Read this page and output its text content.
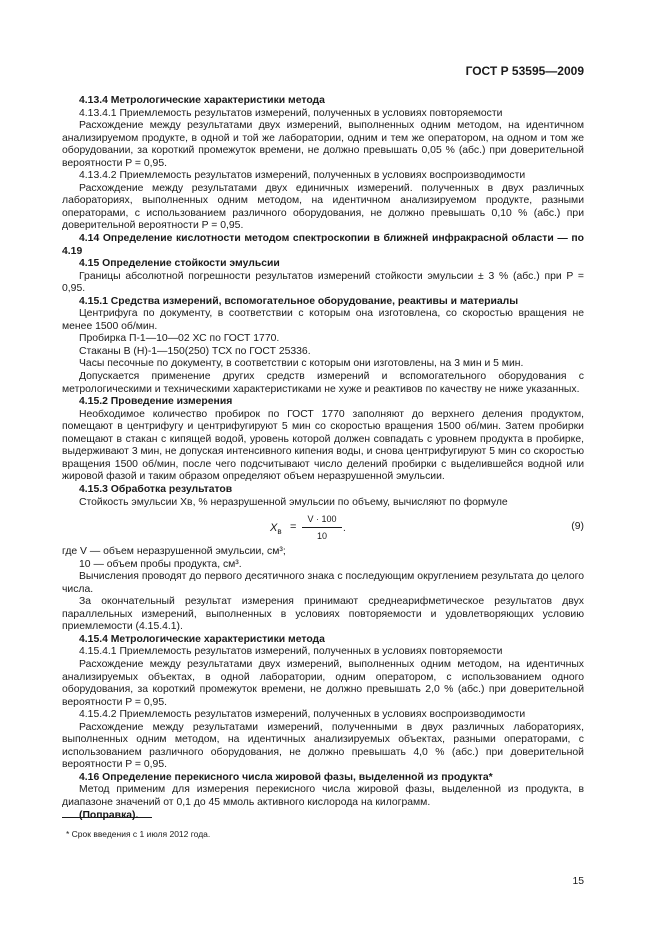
ГОСТ Р 53595—2009

4.13.4 Метрологические характеристики метода

4.13.4.1 Приемлемость результатов измерений, полученных в условиях повторяемости

Расхождение между результатами двух измерений, выполненных одним методом, на идентичном анализируемом продукте, в одной и той же лаборатории, одним и тем же оператором, на одном и том же оборудовании, за короткий промежуток времени, не должно превышать 0,05 % (абс.) при доверительной вероятности P = 0,95.

4.13.4.2 Приемлемость результатов измерений, полученных в условиях воспроизводимости

Расхождение между результатами двух единичных измерений. полученных в двух различных лабораториях, выполненных одним методом, на идентичном анализируемом продукте, разными операторами, с использованием различного оборудования, не должно превышать 0,10 % (абс.) при доверительной вероятности P = 0,95.

4.14 Определение кислотности методом спектроскопии в ближней инфракрасной области — по 4.19

4.15 Определение стойкости эмульсии

Границы абсолютной погрешности результатов измерений стойкости эмульсии ± 3 % (абс.) при P = 0,95.

4.15.1 Средства измерений, вспомогательное оборудование, реактивы и материалы

Центрифуга по документу, в соответствии с которым она изготовлена, со скоростью вращения не менее 1500 об/мин.

Пробирка П-1—10—02 ХС по ГОСТ 1770.

Стаканы В (Н)-1—150(250) ТСХ по ГОСТ 25336.

Часы песочные по документу, в соответствии с которым они изготовлены, на 3 мин и 5 мин.

Допускается применение других средств измерений и вспомогательного оборудования с метрологическими и техническими характеристиками не хуже и реактивов по качеству не ниже указанных.

4.15.2 Проведение измерения

Необходимое количество пробирок по ГОСТ 1770 заполняют до верхнего деления продуктом, помещают в центрифугу и центрифугируют 5 мин со скоростью вращения 1500 об/мин. Затем пробирки помещают в стакан с кипящей водой, уровень которой должен совпадать с уровнем продукта в пробирке, выдерживают 3 мин, не допуская интенсивного кипения воды, и снова центрифугируют 5 мин со скоростью вращения 1500 об/мин, после чего подсчитывают число делений пробирки с выделившейся водной или жировой фазой и таким образом определяют объем неразрушенной эмульсии.

4.15.3 Обработка результатов

Стойкость эмульсии Xв, % неразрушенной эмульсии по объему, вычисляют по формуле

$X_в = \frac{V \cdot 100}{10}$ .	(9)

где V — объем неразрушенной эмульсии, см³;

10 — объем пробы продукта, см³.

Вычисления проводят до первого десятичного знака с последующим округлением результата до целого числа.

За окончательный результат измерения принимают среднеарифметическое результатов двух параллельных измерений, выполненных в условиях повторяемости и удовлетворяющих условию приемлемости (4.15.4.1).

4.15.4 Метрологические характеристики метода

4.15.4.1 Приемлемость результатов измерений, полученных в условиях повторяемости

Расхождение между результатами двух измерений, выполненных одним методом, на идентичных анализируемых объектах, в одной лаборатории, одним оператором, с использованием одного оборудования, за короткий промежуток времени, не должно превышать 2,0 % (абс.) при доверительной вероятности P = 0,95.

4.15.4.2 Приемлемость результатов измерений, полученных в условиях воспроизводимости

Расхождение между результатами измерений, полученными в двух различных лабораториях, выполненных одним методом, на идентичных анализируемых объектах, разными операторами, с использованием различного оборудования, не должно превышать 4,0 % (абс.) при доверительной вероятности P = 0,95.

4.16 Определение перекисного числа жировой фазы, выделенной из продукта*

Метод применим для измерения перекисного числа жировой фазы, выделенной из продукта, в диапазоне значений от 0,1 до 45 ммоль активного кислорода на килограмм.

(Поправка).

* Срок введения с 1 июля 2012 года.
15
